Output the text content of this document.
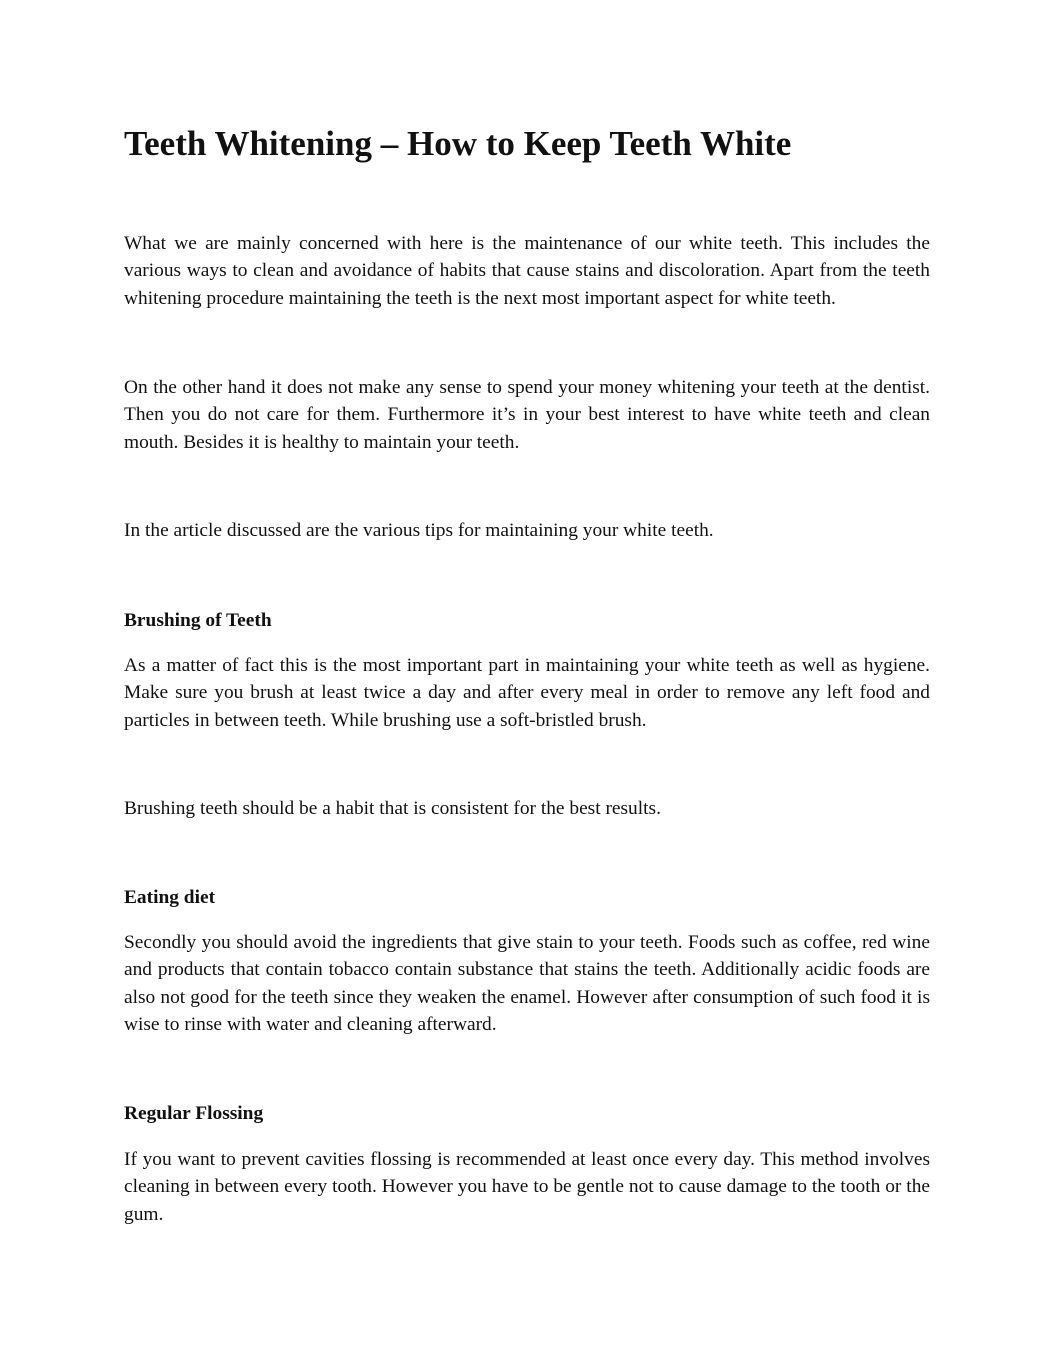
Teeth Whitening – How to Keep Teeth White

What we are mainly concerned with here is the maintenance of our white teeth. This includes the various ways to clean and avoidance of habits that cause stains and discoloration. Apart from the teeth whitening procedure maintaining the teeth is the next most important aspect for white teeth.

On the other hand it does not make any sense to spend your money whitening your teeth at the dentist. Then you do not care for them. Furthermore it’s in your best interest to have white teeth and clean mouth. Besides it is healthy to maintain your teeth.

In the article discussed are the various tips for maintaining your white teeth.

Brushing of Teeth

As a matter of fact this is the most important part in maintaining your white teeth as well as hygiene. Make sure you brush at least twice a day and after every meal in order to remove any left food and particles in between teeth. While brushing use a soft-bristled brush.

Brushing teeth should be a habit that is consistent for the best results.

Eating diet

Secondly you should avoid the ingredients that give stain to your teeth. Foods such as coffee, red wine and products that contain tobacco contain substance that stains the teeth. Additionally acidic foods are also not good for the teeth since they weaken the enamel. However after consumption of such food it is wise to rinse with water and cleaning afterward.

Regular Flossing

If you want to prevent cavities flossing is recommended at least once every day. This method involves cleaning in between every tooth. However you have to be gentle not to cause damage to the tooth or the gum.
